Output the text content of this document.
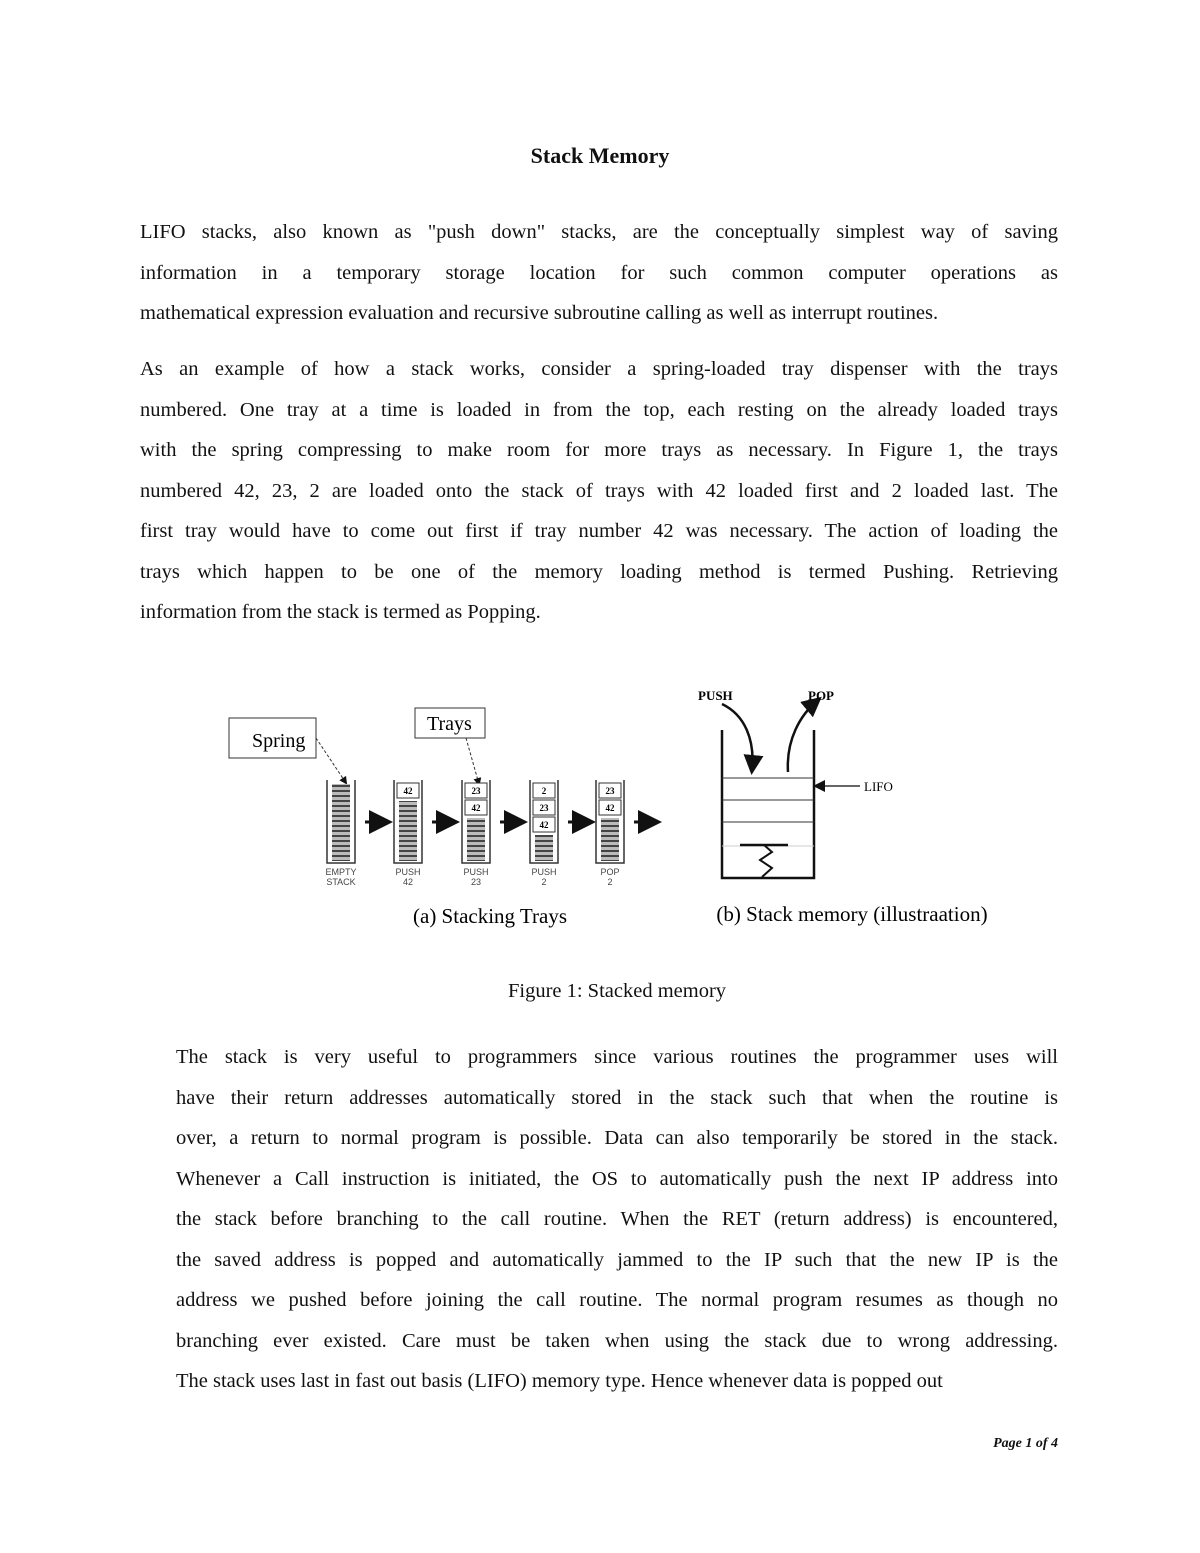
Stack Memory
LIFO stacks, also known as "push down" stacks, are the conceptually simplest way of saving
information in a temporary storage location for such common computer operations as
mathematical expression evaluation and recursive subroutine calling as well as interrupt routines.
As an example of how a stack works, consider a spring-loaded tray dispenser with the trays
numbered. One tray at a time is loaded in from the top, each resting on the already loaded trays
with the spring compressing to make room for more trays as necessary. In Figure 1, the trays
numbered 42, 23, 2 are loaded onto the stack of trays with 42 loaded first and 2 loaded last. The
first tray would have to come out first if tray number 42 was necessary. The action of loading the
trays which happen to be one of the memory loading method is termed Pushing. Retrieving
information from the stack is termed as Popping.
Spring
Trays
EMPTY
STACK
42
PUSH
42
23
42
PUSH
23
2
23
42
PUSH
2
23
42
POP
2
(a) Stacking Trays
PUSH	POP
LIFO
(b) Stack memory (illustraation)
Figure 1: Stacked memory
The stack is very useful to programmers since various routines the programmer uses will
have their return addresses automatically stored in the stack such that when the routine is
over, a return to normal program is possible. Data can also temporarily be stored in the stack.
Whenever a Call instruction is initiated, the OS to automatically push the next IP address into
the stack before branching to the call routine. When the RET (return address) is encountered,
the saved address is popped and automatically jammed to the IP such that the new IP is the
address we pushed before joining the call routine. The normal program resumes as though no
branching ever existed. Care must be taken when using the stack due to wrong addressing.
The stack uses last in fast out basis (LIFO) memory type. Hence whenever data is popped out
Page 1 of 4
